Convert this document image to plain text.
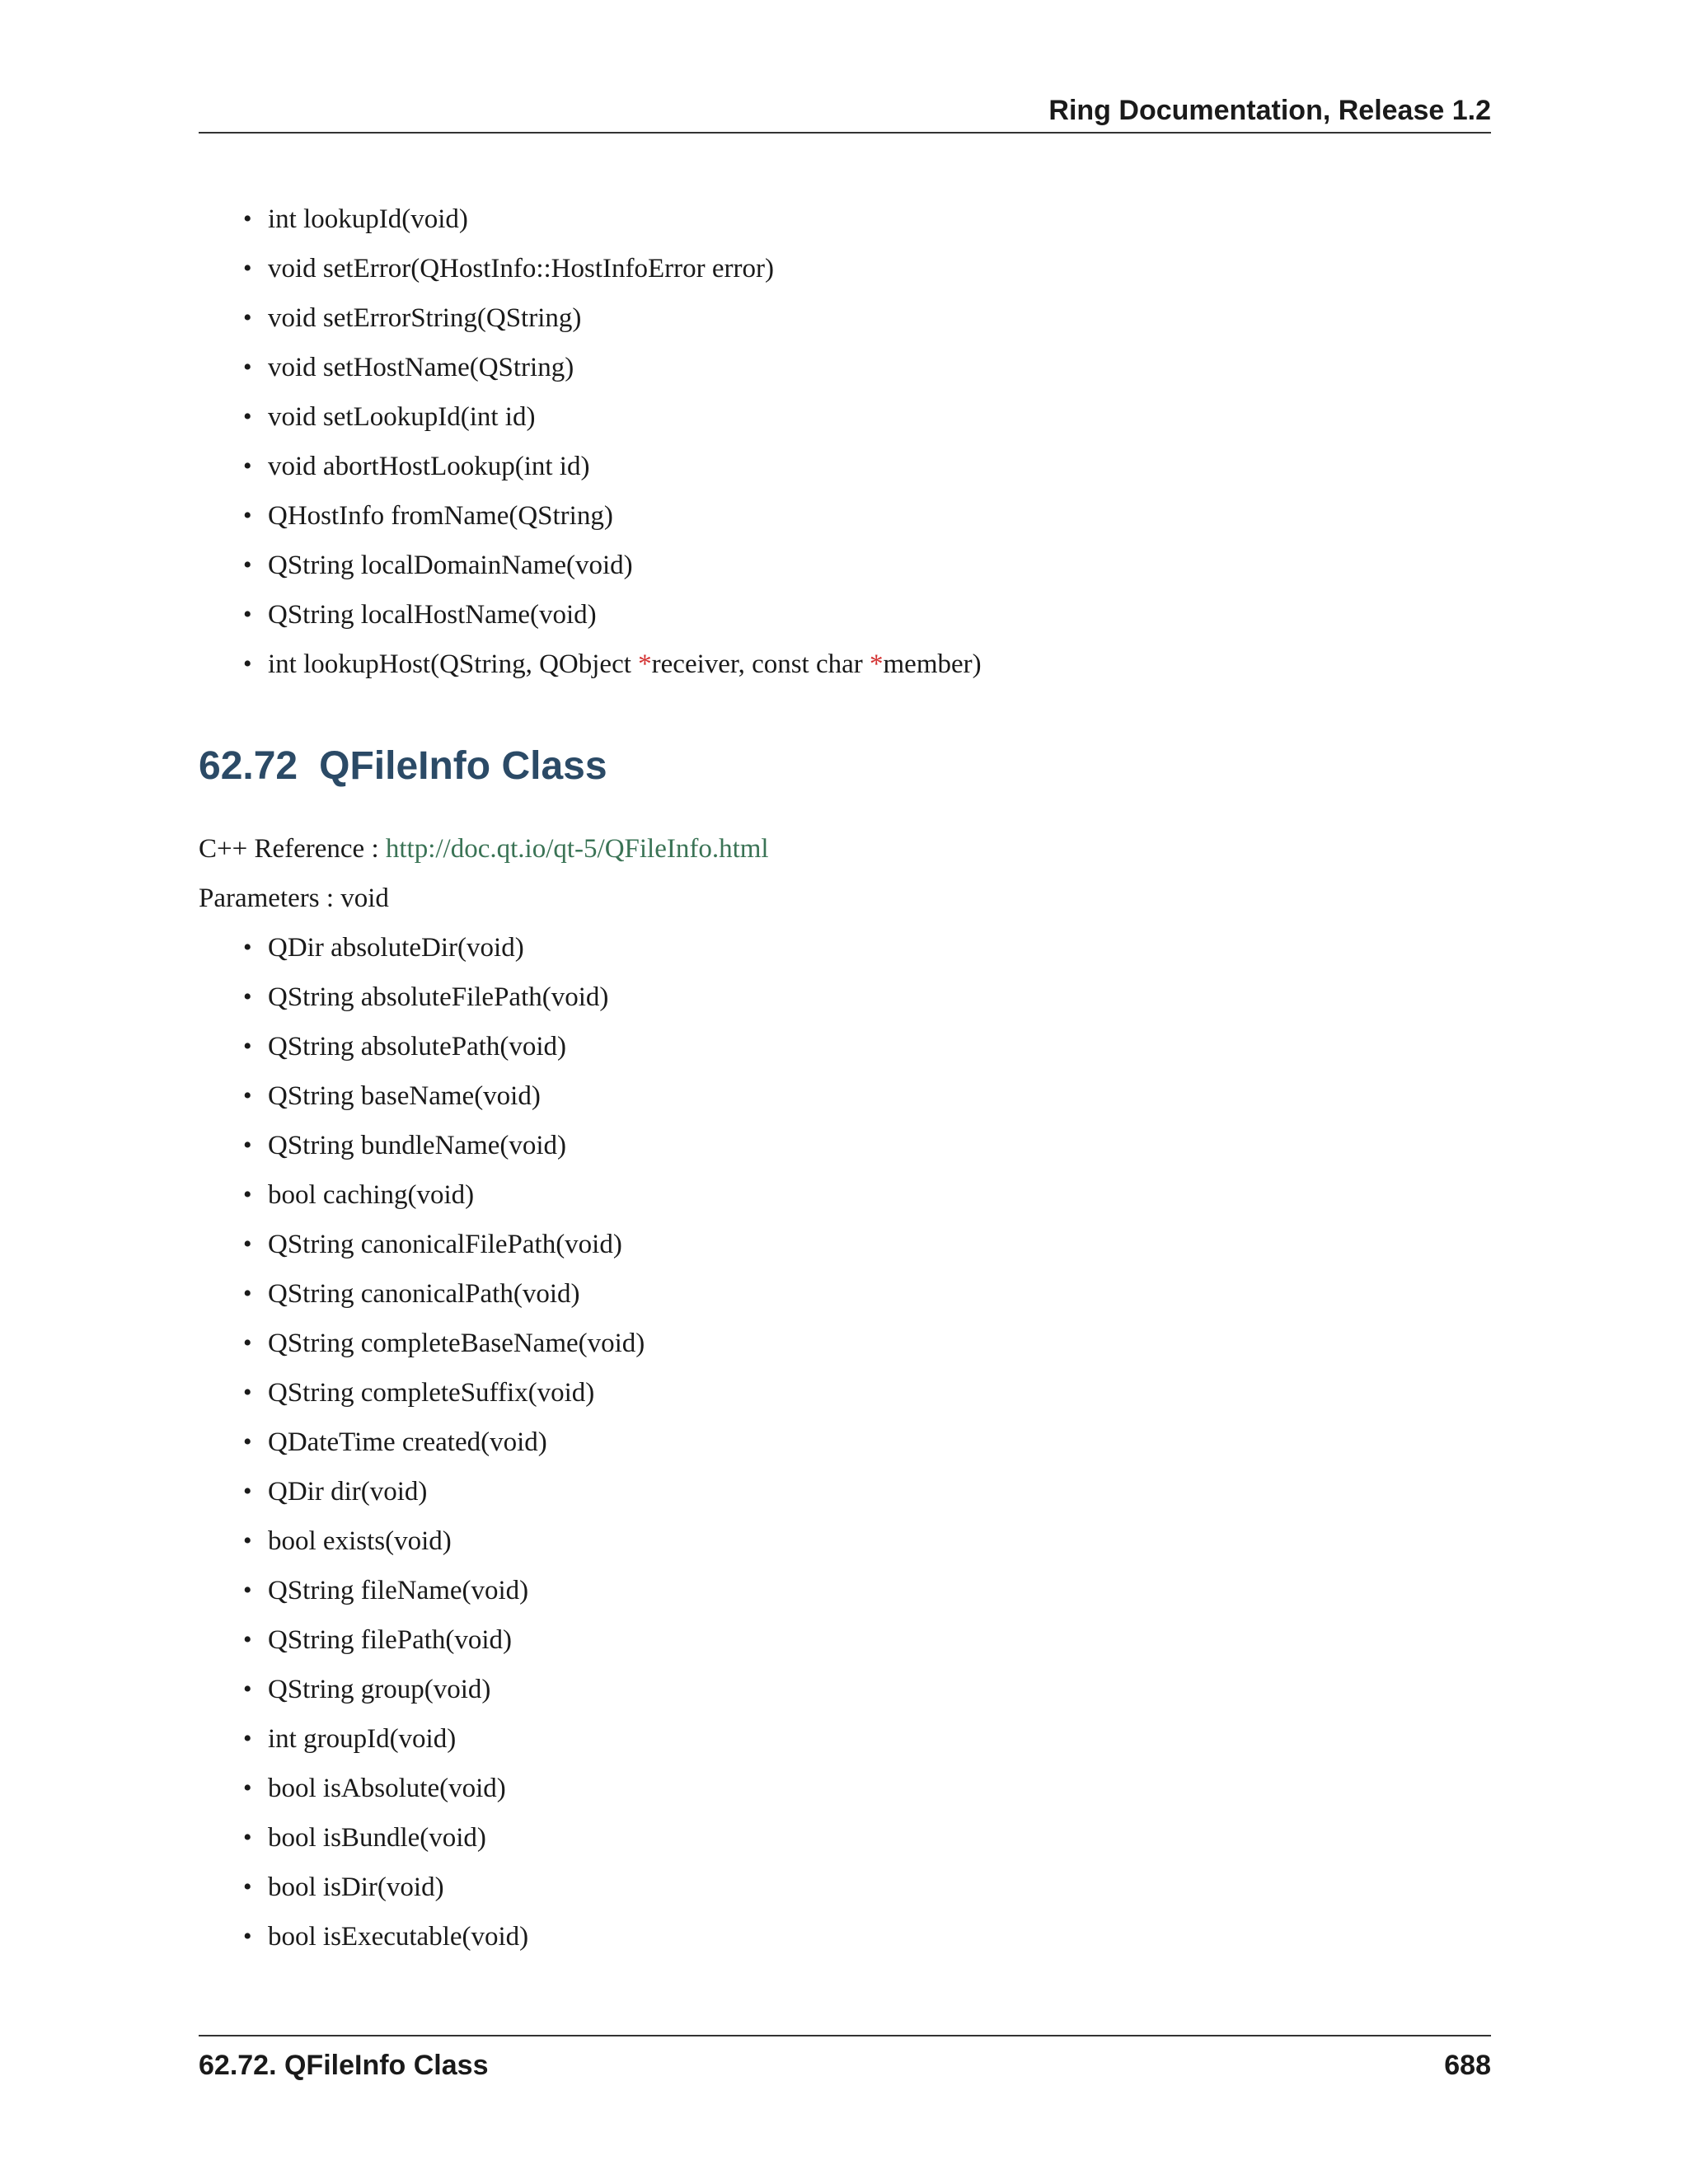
Ring Documentation, Release 1.2
• int lookupId(void)
• void setError(QHostInfo::HostInfoError error)
• void setErrorString(QString)
• void setHostName(QString)
• void setLookupId(int id)
• void abortHostLookup(int id)
• QHostInfo fromName(QString)
• QString localDomainName(void)
• QString localHostName(void)
• int lookupHost(QString, QObject *receiver, const char *member)
62.72 QFileInfo Class

C++ Reference : http://doc.qt.io/qt-5/QFileInfo.html

Parameters : void

• QDir absoluteDir(void)
• QString absoluteFilePath(void)
• QString absolutePath(void)
• QString baseName(void)
• QString bundleName(void)
• bool caching(void)
• QString canonicalFilePath(void)
• QString canonicalPath(void)
• QString completeBaseName(void)
• QString completeSuffix(void)
• QDateTime created(void)
• QDir dir(void)
• bool exists(void)
• QString fileName(void)
• QString filePath(void)
• QString group(void)
• int groupId(void)
• bool isAbsolute(void)
• bool isBundle(void)
• bool isDir(void)
• bool isExecutable(void)
62.72. QFileInfo Class	688
